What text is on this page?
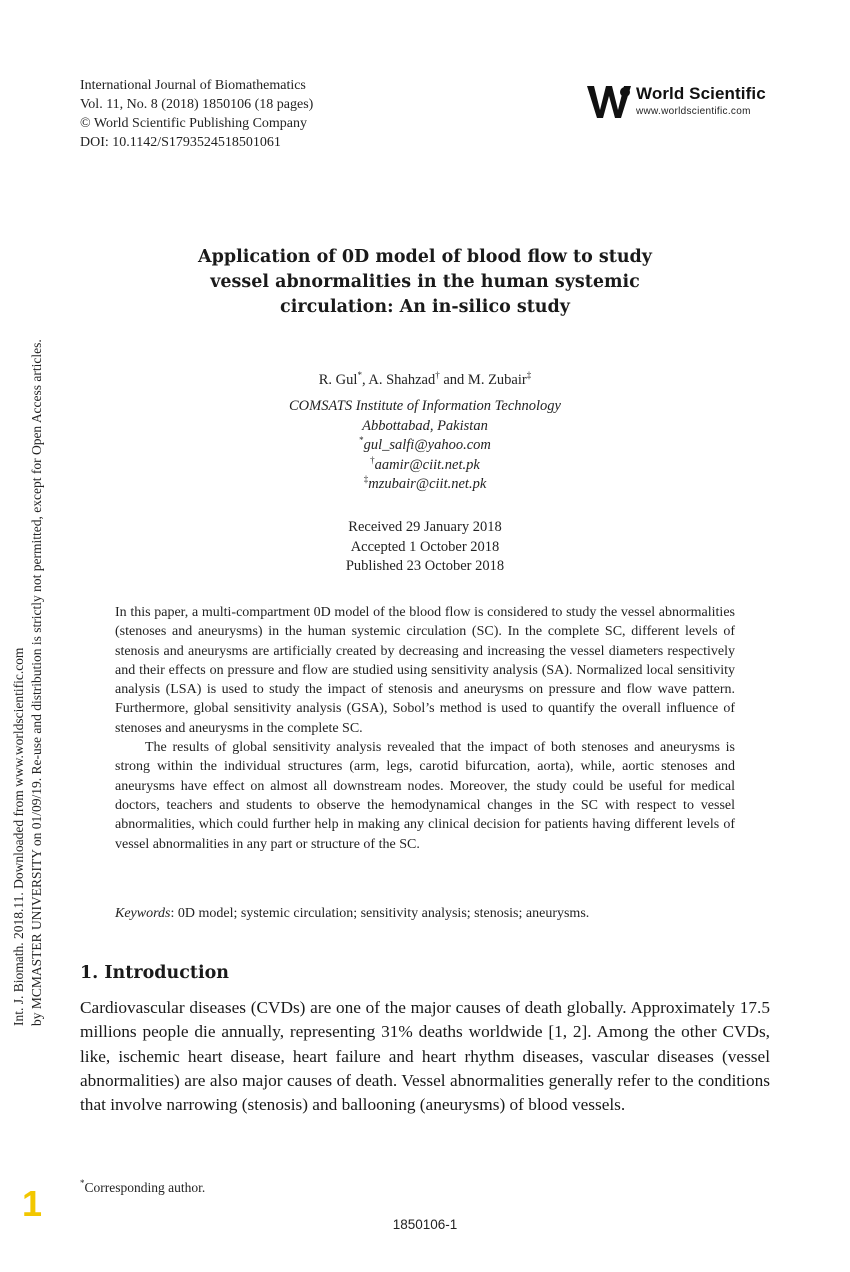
International Journal of Biomathematics
Vol. 11, No. 8 (2018) 1850106 (18 pages)
© World Scientific Publishing Company
DOI: 10.1142/S1793524518501061
World Scientific
www.worldscientific.com
Int. J. Biomath. 2018.11. Downloaded from www.worldscientific.com by MCMASTER UNIVERSITY on 01/09/19. Re-use and distribution is strictly not permitted, except for Open Access articles.
Application of 0D model of blood flow to study
vessel abnormalities in the human systemic
circulation: An in-silico study
R. Gul*, A. Shahzad† and M. Zubair‡
COMSATS Institute of Information Technology
Abbottabad, Pakistan
*gul_salfi@yahoo.com
†aamir@ciit.net.pk
‡mzubair@ciit.net.pk
Received 29 January 2018
Accepted 1 October 2018
Published 23 October 2018

In this paper, a multi-compartment 0D model of the blood flow is considered to study the vessel abnormalities (stenoses and aneurysms) in the human systemic circulation (SC). In the complete SC, different levels of stenosis and aneurysms are artificially created by decreasing and increasing the vessel diameters respectively and their effects on pressure and flow are studied using sensitivity analysis (SA). Normalized local sensitivity analysis (LSA) is used to study the impact of stenosis and aneurysms on pressure and flow wave pattern. Furthermore, global sensitivity analysis (GSA), Sobol’s method is used to quantify the overall influence of stenoses and aneurysms in the complete SC.

The results of global sensitivity analysis revealed that the impact of both stenoses and aneurysms is strong within the individual structures (arm, legs, carotid bifurcation, aorta), while, aortic stenoses and aneurysms have effect on almost all downstream nodes. Moreover, the study could be useful for medical doctors, teachers and students to observe the hemodynamical changes in the SC with respect to vessel abnormalities, which could further help in making any clinical decision for patients having different levels of vessel abnormalities in any part or structure of the SC.

Keywords: 0D model; systemic circulation; sensitivity analysis; stenosis; aneurysms.
1. Introduction

Cardiovascular diseases (CVDs) are one of the major causes of death globally. Approximately 17.5 millions people die annually, representing 31% deaths worldwide [1, 2]. Among the other CVDs, like, ischemic heart disease, heart failure and heart rhythm diseases, vascular diseases (vessel abnormalities) are also major causes of death. Vessel abnormalities generally refer to the conditions that involve narrowing (stenosis) and ballooning (aneurysms) of blood vessels.

*Corresponding author.
1
1850106-1
